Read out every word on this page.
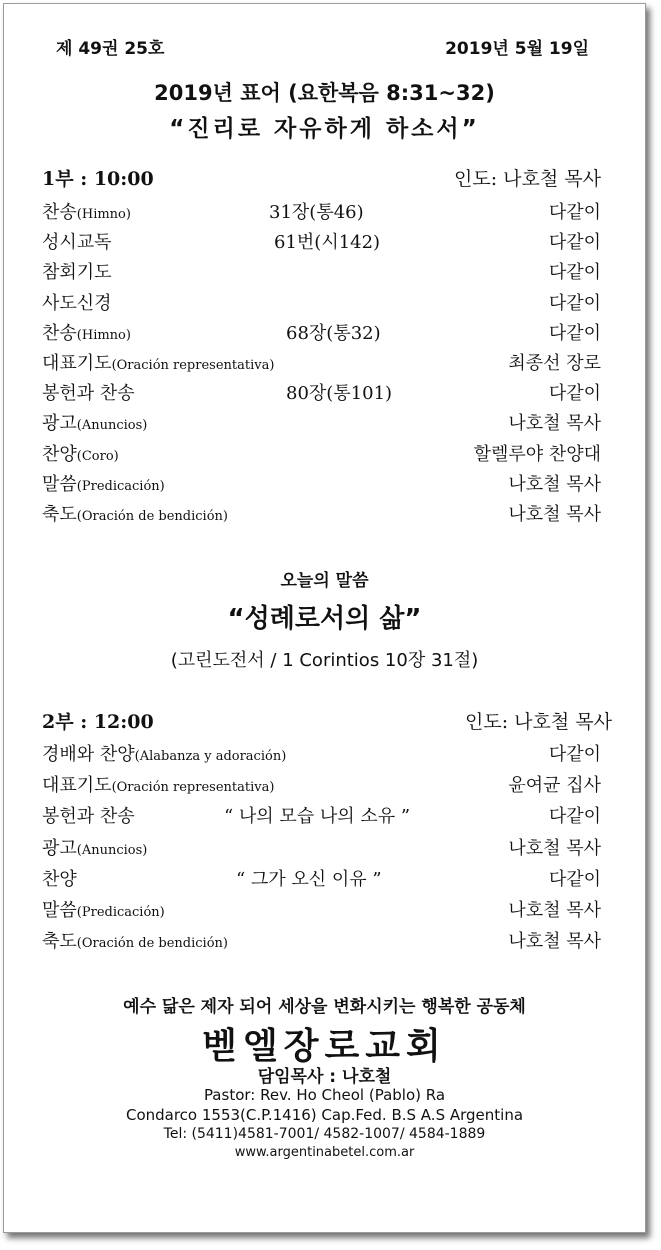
제 49권 25호	2019년 5월 19일
2019년 표어 (요한복음 8:31~32)
“진리로 자유하게 하소서”
1부 : 10:00	인도: 나호철 목사
찬송(Himno)	31장(통46)	다같이
성시교독	61번(시142)	다같이
참회기도	다같이
사도신경	다같이
찬송(Himno)	68장(통32)	다같이
대표기도(Oración representativa)	최종선 장로
봉헌과 찬송	80장(통101)	다같이
광고(Anuncios)	나호철 목사
찬양(Coro)	할렐루야 찬양대
말씀(Predicación)	나호철 목사
축도(Oración de bendición)	나호철 목사
오늘의 말씀
“성례로서의 삶”
(고린도전서 / 1 Corintios 10장 31절)
2부 : 12:00	인도: 나호철 목사
경배와 찬양(Alabanza y adoración)	다같이
대표기도(Oración representativa)	윤여균 집사
봉헌과 찬송	“ 나의 모습 나의 소유 ”	다같이
광고(Anuncios)	나호철 목사
찬양	“ 그가 오신 이유 ”	다같이
말씀(Predicación)	나호철 목사
축도(Oración de bendición)	나호철 목사
예수 닮은 제자 되어 세상을 변화시키는 행복한 공동체
벧엘장로교회
담임목사 : 나호철
Pastor: Rev. Ho Cheol (Pablo) Ra
Condarco 1553(C.P.1416) Cap.Fed. B.S A.S Argentina
Tel: (5411)4581-7001/ 4582-1007/ 4584-1889
www.argentinabetel.com.ar
